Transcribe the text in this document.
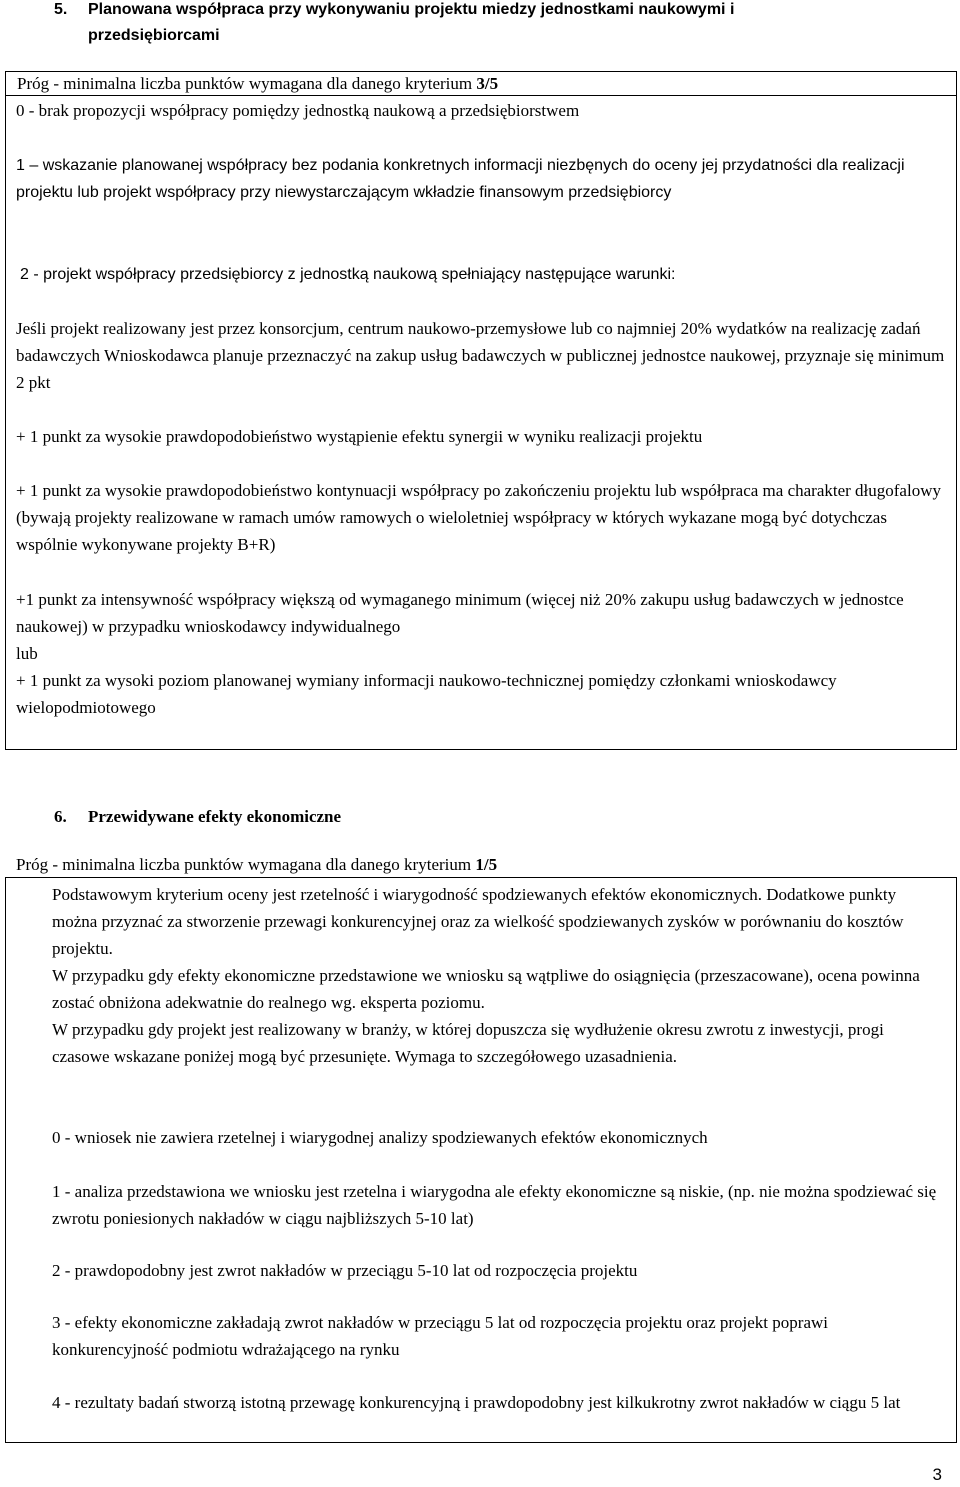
5. Planowana współpraca przy wykonywaniu projektu miedzy jednostkami naukowymi i
przedsiębiorcami
Próg - minimalna liczba punktów wymagana dla danego kryterium 3/5
0 - brak propozycji współpracy pomiędzy jednostką naukową a przedsiębiorstwem
1 – wskazanie planowanej współpracy bez podania konkretnych informacji niezbęnych do oceny jej przydatności dla realizacji projektu lub projekt współpracy przy niewystarczającym wkładzie finansowym przedsiębiorcy
2 - projekt współpracy przedsiębiorcy z jednostką naukową spełniający następujące warunki:
Jeśli projekt realizowany jest przez konsorcjum, centrum naukowo-przemysłowe lub co najmniej 20% wydatków na realizację zadań badawczych Wnioskodawca planuje przeznaczyć na zakup usług badawczych w publicznej jednostce naukowej, przyznaje się minimum 2 pkt
+ 1 punkt za wysokie prawdopodobieństwo wystąpienie efektu synergii w wyniku realizacji projektu
+ 1 punkt za wysokie prawdopodobieństwo kontynuacji współpracy po zakończeniu projektu lub współpraca ma charakter długofalowy (bywają projekty realizowane w ramach umów ramowych o wieloletniej współpracy w których wykazane mogą być dotychczas wspólnie wykonywane projekty B+R)
+1 punkt za intensywność współpracy większą od wymaganego minimum (więcej niż 20% zakupu usług badawczych w jednostce naukowej) w przypadku wnioskodawcy indywidualnego
lub
+ 1 punkt za wysoki poziom planowanej wymiany informacji naukowo-technicznej pomiędzy członkami wnioskodawcy wielopodmiotowego
6. Przewidywane efekty ekonomiczne
Próg - minimalna liczba punktów wymagana dla danego kryterium 1/5
Podstawowym kryterium oceny jest rzetelność i wiarygodność spodziewanych efektów ekonomicznych. Dodatkowe punkty można przyznać za stworzenie przewagi konkurencyjnej oraz za wielkość spodziewanych zysków w porównaniu do kosztów projektu.
W przypadku gdy efekty ekonomiczne przedstawione we wniosku są wątpliwe do osiągnięcia (przeszacowane), ocena powinna zostać obniżona adekwatnie do realnego wg. eksperta poziomu.
W przypadku gdy projekt jest realizowany w branży, w której dopuszcza się wydłużenie okresu zwrotu z inwestycji, progi czasowe wskazane poniżej mogą być przesunięte. Wymaga to szczegółowego uzasadnienia.
0 - wniosek nie zawiera rzetelnej i wiarygodnej analizy spodziewanych efektów ekonomicznych
1 - analiza przedstawiona we wniosku jest rzetelna i wiarygodna ale efekty ekonomiczne są niskie, (np. nie można spodziewać się zwrotu poniesionych nakładów w ciągu najbliższych 5-10 lat)
2 - prawdopodobny jest zwrot nakładów w przeciągu 5-10 lat od rozpoczęcia projektu
3 - efekty ekonomiczne zakładają zwrot nakładów w przeciągu 5 lat od rozpoczęcia projektu oraz projekt poprawi konkurencyjność podmiotu wdrażającego na rynku
4 - rezultaty badań stworzą istotną przewagę konkurencyjną i prawdopodobny jest kilkukrotny zwrot nakładów w ciągu 5 lat
3
